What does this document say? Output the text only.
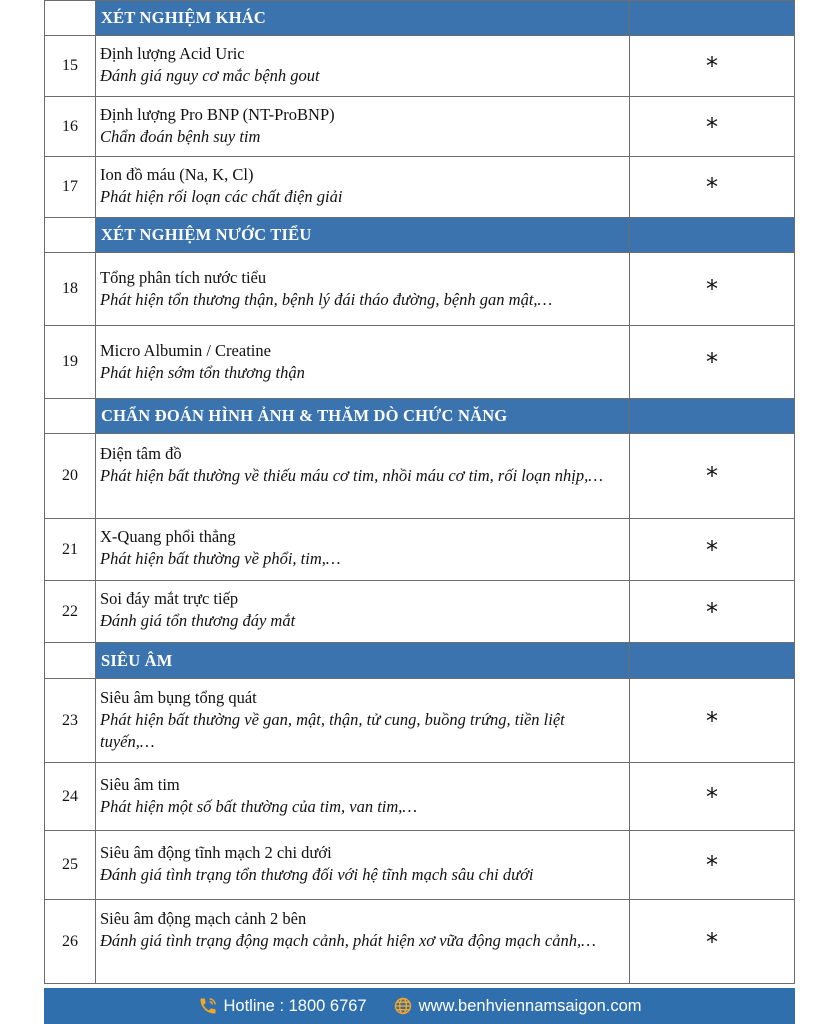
XÉT NGHIỆM KHÁC
15
Định lượng Acid Uric
Đánh giá nguy cơ mắc bệnh gout	*
16
Định lượng Pro BNP (NT-ProBNP)
Chẩn đoán bệnh suy tim	*
17
Ion đồ máu (Na, K, Cl)
Phát hiện rối loạn các chất điện giải	*
XÉT NGHIỆM NƯỚC TIỂU
18
Tổng phân tích nước tiểu
Phát hiện tổn thương thận, bệnh lý đái tháo đường, bệnh gan mật,…	*
19
Micro Albumin / Creatine
Phát hiện sớm tổn thương thận	*
CHẨN ĐOÁN HÌNH ẢNH & THĂM DÒ CHỨC NĂNG
20
Điện tâm đồ
Phát hiện bất thường về thiếu máu cơ tim, nhồi máu cơ tim, rối loạn nhịp,…	*
21
X-Quang phổi thẳng
Phát hiện bất thường về phổi, tim,…	*
22
Soi đáy mắt trực tiếp
Đánh giá tổn thương đáy mắt	*
SIÊU ÂM
23
Siêu âm bụng tổng quát
Phát hiện bất thường về gan, mật, thận, tử cung, buồng trứng, tiền liệt tuyến,…
*
24
Siêu âm tim
Phát hiện một số bất thường của tim, van tim,…	*
25
Siêu âm động tĩnh mạch 2 chi dưới
Đánh giá tình trạng tổn thương đối với hệ tĩnh mạch sâu chi dưới	*
26
Siêu âm động mạch cảnh 2 bên
Đánh giá tình trạng động mạch cảnh, phát hiện xơ vữa động mạch cảnh,…	*
Hotline : 1800 6767	www.benhviennamsaigon.com
